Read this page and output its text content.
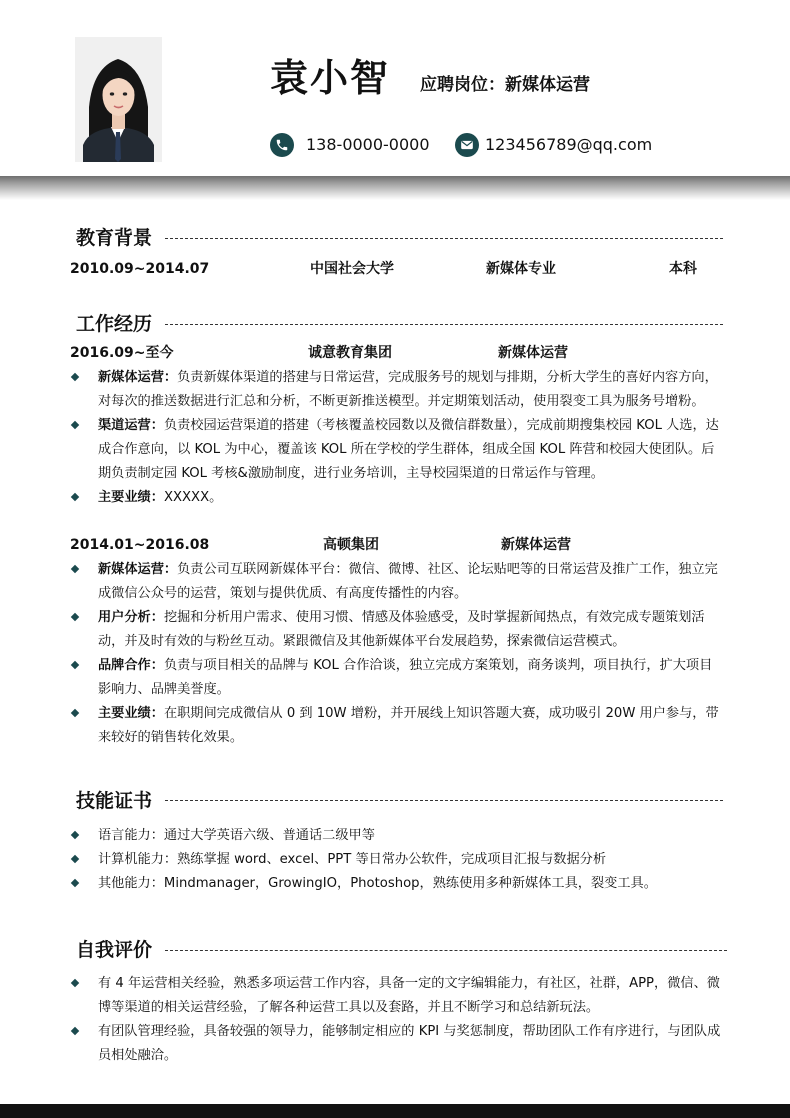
袁小智 应聘岗位：新媒体运营
138-0000-0000	123456789@qq.com
教育背景
2010.09~2014.07	中国社会大学	新媒体专业	本科
工作经历
2016.09~至今	诚意教育集团	新媒体运营
新媒体运营：负责新媒体渠道的搭建与日常运营，完成服务号的规划与排期，分析大学生的喜好内容方向，对每次的推送数据进行汇总和分析，不断更新推送模型。并定期策划活动，使用裂变工具为服务号增粉。
渠道运营：负责校园运营渠道的搭建（考核覆盖校园数以及微信群数量），完成前期搜集校园 KOL 人选，达成合作意向，以 KOL 为中心，覆盖该 KOL 所在学校的学生群体，组成全国 KOL 阵营和校园大使团队。后期负责制定园 KOL 考核&激励制度，进行业务培训，主导校园渠道的日常运作与管理。
主要业绩：XXXXX。
2014.01~2016.08	高顿集团	新媒体运营
新媒体运营：负责公司互联网新媒体平台：微信、微博、社区、论坛贴吧等的日常运营及推广工作，独立完成微信公众号的运营，策划与提供优质、有高度传播性的内容。
用户分析：挖掘和分析用户需求、使用习惯、情感及体验感受，及时掌握新闻热点，有效完成专题策划活动，并及时有效的与粉丝互动。紧跟微信及其他新媒体平台发展趋势，探索微信运营模式。
品牌合作：负责与项目相关的品牌与 KOL 合作洽谈，独立完成方案策划，商务谈判，项目执行，扩大项目影响力、品牌美誉度。
主要业绩：在职期间完成微信从 0 到 10W 增粉，并开展线上知识答题大赛，成功吸引 20W 用户参与，带来较好的销售转化效果。
技能证书
语言能力：通过大学英语六级、普通话二级甲等
计算机能力：熟练掌握 word、excel、PPT 等日常办公软件，完成项目汇报与数据分析
其他能力：Mindmanager，GrowingIO，Photoshop，熟练使用多种新媒体工具，裂变工具。
自我评价
有 4 年运营相关经验，熟悉多项运营工作内容，具备一定的文字编辑能力，有社区，社群，APP，微信、微博等渠道的相关运营经验，了解各种运营工具以及套路，并且不断学习和总结新玩法。
有团队管理经验，具备较强的领导力，能够制定相应的 KPI 与奖惩制度，帮助团队工作有序进行，与团队成员相处融洽。
